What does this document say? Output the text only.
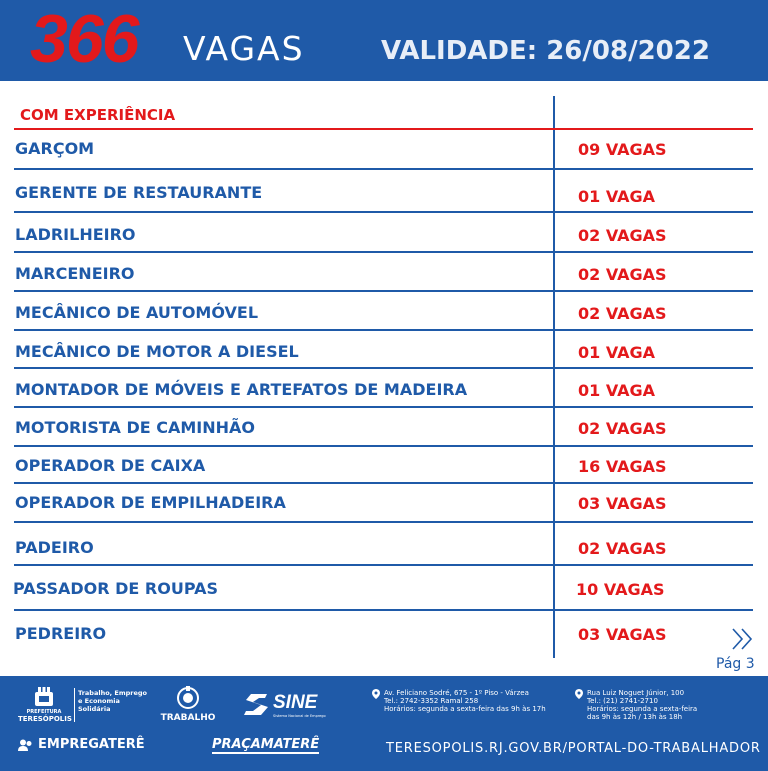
366 VAGAS	VALIDADE: 26/08/2022
COM EXPERIÊNCIA
GARÇOM	09 VAGAS
GERENTE DE RESTAURANTE	01 VAGA
LADRILHEIRO	02 VAGAS
MARCENEIRO	02 VAGAS
MECÂNICO DE AUTOMÓVEL	02 VAGAS
MECÂNICO DE MOTOR A DIESEL	01 VAGA
MONTADOR DE MÓVEIS E ARTEFATOS DE MADEIRA	01 VAGA
MOTORISTA DE CAMINHÃO	02 VAGAS
OPERADOR DE CAIXA	16 VAGAS
OPERADOR DE EMPILHADEIRA	03 VAGAS
PADEIRO	02 VAGAS
PASSADOR DE ROUPAS	10 VAGAS
PEDREIRO	03 VAGAS
Pág 3
PREFEITURA
TERESÓPOLIS
Trabalho, Emprego e Economia Solidária
TRABALHO
SINE
Sistema Nacional de Emprego
Av. Feliciano Sodré, 675 - 1º Piso - Várzea
Tel.: 2742-3352 Ramal 258
Horários: segunda a sexta-feira das 9h às 17h
Rua Luiz Noguet Júnior, 100
Tel.: (21) 2741-2710
Horários: segunda a sexta-feira
das 9h às 12h / 13h às 18h
EMPREGATERÊ	PRAÇAMATERÊ	TERESOPOLIS.RJ.GOV.BR/PORTAL-DO-TRABALHADOR
